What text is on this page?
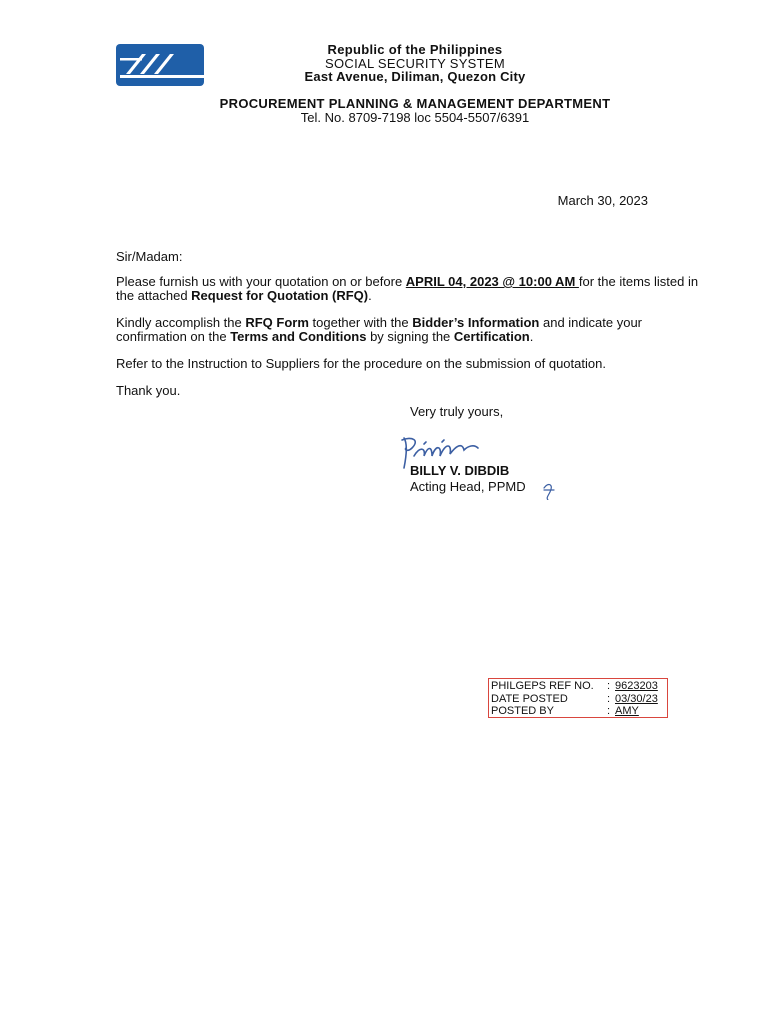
Republic of the Philippines
SOCIAL SECURITY SYSTEM
East Avenue, Diliman, Quezon City
PROCUREMENT PLANNING & MANAGEMENT DEPARTMENT
Tel. No. 8709-7198 loc 5504-5507/6391
March 30, 2023
Sir/Madam:
Please furnish us with your quotation on or before APRIL 04, 2023 @ 10:00 AM for the items listed in the attached Request for Quotation (RFQ).
Kindly accomplish the RFQ Form together with the Bidder’s Information and indicate your confirmation on the Terms and Conditions by signing the Certification.
Refer to the Instruction to Suppliers for the procedure on the submission of quotation.
Thank you.
Very truly yours,
BILLY V. DIBDIB
Acting Head, PPMD
PHILGEPS REF NO.	: 9623203
DATE POSTED	: 03/30/23
POSTED BY	: AMY
